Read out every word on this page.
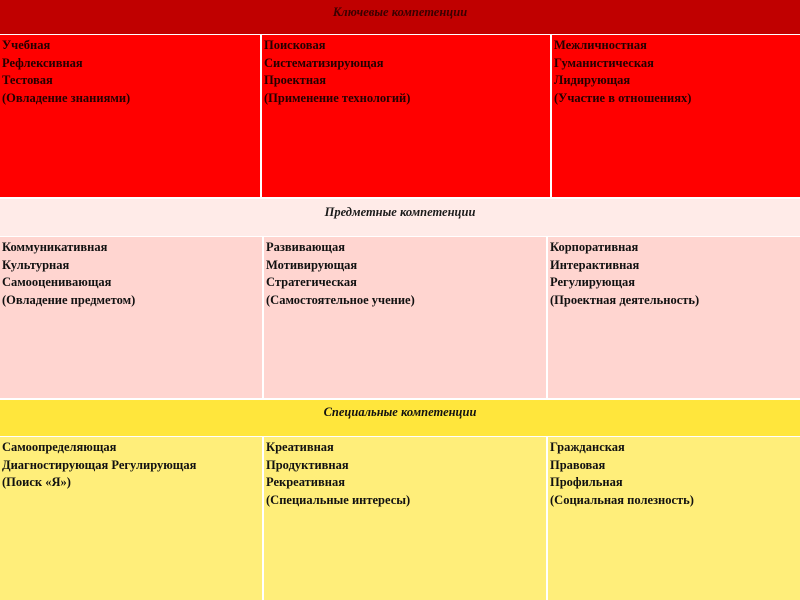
Ключевые компетенции
Учебная
Рефлексивная
Тестовая
(Овладение знаниями)
Поисковая
Систематизирующая
Проектная
(Применение технологий)
Межличностная
Гуманистическая
Лидирующая
(Участие в отношениях)
Предметные компетенции
Коммуникативная
Культурная
Самооценивающая
(Овладение предметом)
Развивающая
Мотивирующая
Стратегическая
(Самостоятельное учение)
Корпоративная
Интерактивная
Регулирующая
(Проектная деятельность)
Специальные компетенции
Самоопределяющая
Диагностирующая Регулирующая
(Поиск «Я»)
Креативная
Продуктивная
Рекреативная
(Специальные интересы)
Гражданская
Правовая
Профильная
(Социальная полезность)
